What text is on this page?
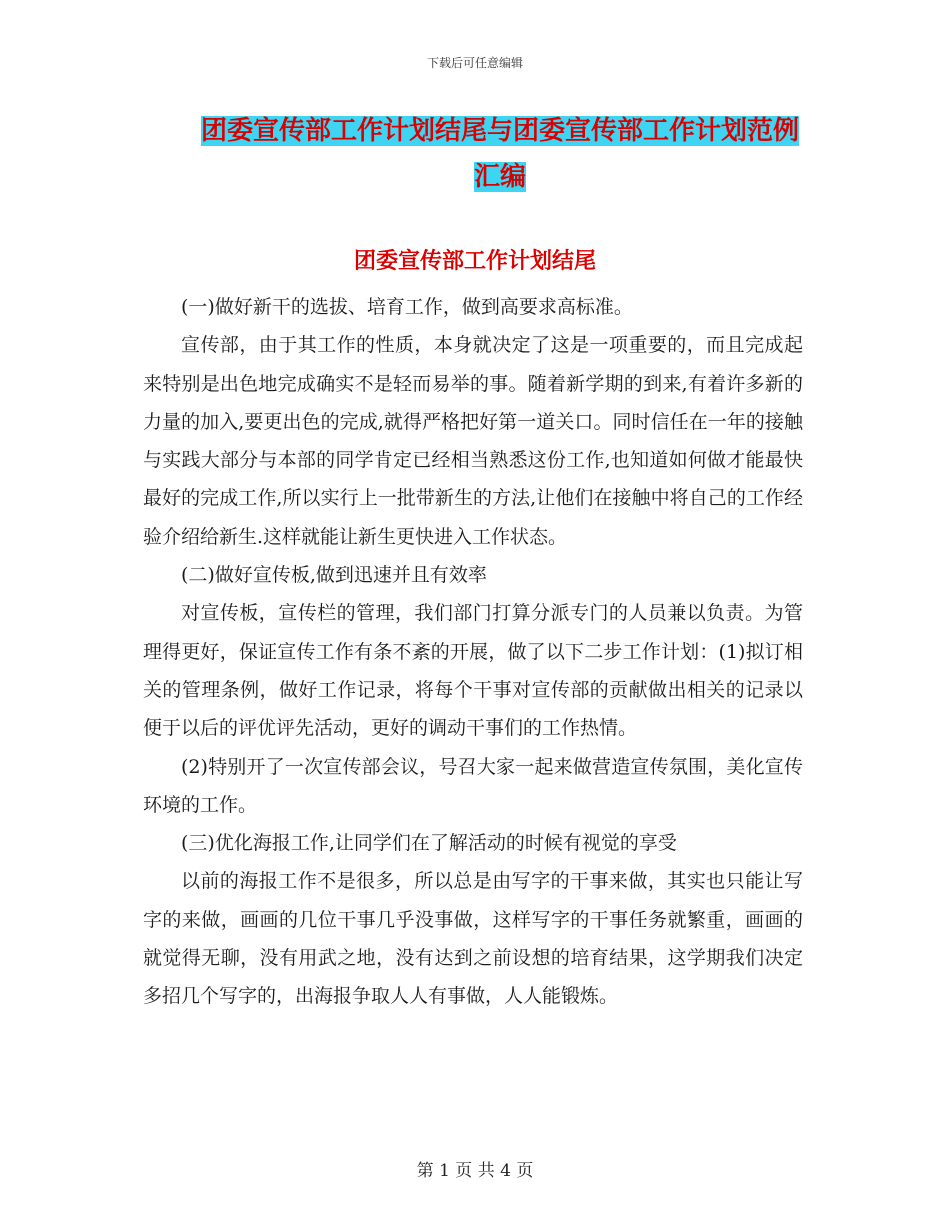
下载后可任意编辑
团委宣传部工作计划结尾与团委宣传部工作计划范例汇编
团委宣传部工作计划结尾

(一)做好新干的选拔、培育工作，做到高要求高标准。

宣传部，由于其工作的性质，本身就决定了这是一项重要的，而且完成起来特别是出色地完成确实不是轻而易举的事。随着新学期的到来,有着许多新的力量的加入,要更出色的完成,就得严格把好第一道关口。同时信任在一年的接触与实践大部分与本部的同学肯定已经相当熟悉这份工作,也知道如何做才能最快最好的完成工作,所以实行上一批带新生的方法,让他们在接触中将自己的工作经验介绍给新生.这样就能让新生更快进入工作状态。

(二)做好宣传板,做到迅速并且有效率

对宣传板，宣传栏的管理，我们部门打算分派专门的人员兼以负责。为管理得更好，保证宣传工作有条不紊的开展，做了以下二步工作计划：(1)拟订相关的管理条例，做好工作记录，将每个干事对宣传部的贡献做出相关的记录以便于以后的评优评先活动，更好的调动干事们的工作热情。

(2)特别开了一次宣传部会议，号召大家一起来做营造宣传氛围，美化宣传环境的工作。

(三)优化海报工作,让同学们在了解活动的时候有视觉的享受

以前的海报工作不是很多，所以总是由写字的干事来做，其实也只能让写字的来做，画画的几位干事几乎没事做，这样写字的干事任务就繁重，画画的就觉得无聊，没有用武之地，没有达到之前设想的培育结果，这学期我们决定多招几个写字的，出海报争取人人有事做，人人能锻炼。

第 1 页 共 4 页
